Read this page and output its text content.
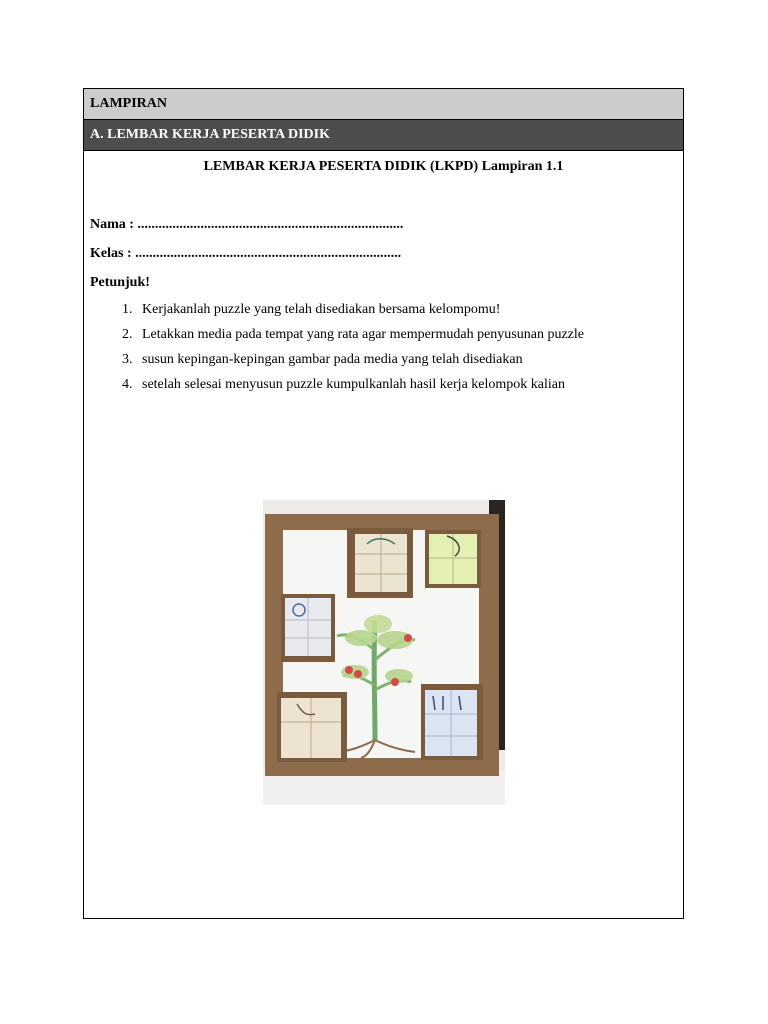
LAMPIRAN
A. LEMBAR KERJA PESERTA DIDIK
LEMBAR KERJA PESERTA DIDIK (LKPD) Lampiran 1.1
Nama : ............................................................................
Kelas : ............................................................................
Petunjuk!
1. Kerjakanlah puzzle yang telah disediakan bersama kelompomu!
2. Letakkan media pada tempat yang rata agar mempermudah penyusunan puzzle
3. susun kepingan-kepingan gambar pada media yang telah disediakan
4. setelah selesai menyusun puzzle kumpulkanlah hasil kerja kelompok kalian
